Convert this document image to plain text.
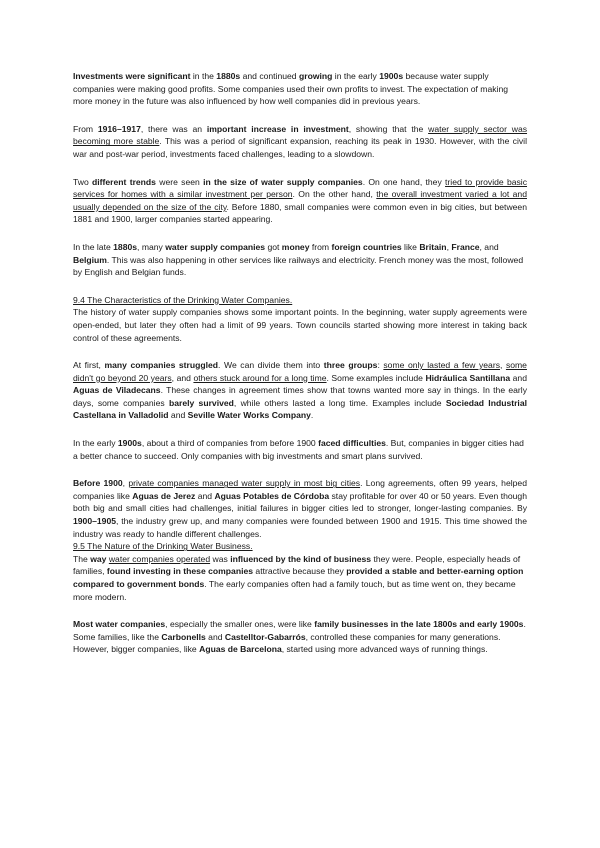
Investments were significant in the 1880s and continued growing in the early 1900s because water supply companies were making good profits. Some companies used their own profits to invest. The expectation of making more money in the future was also influenced by how well companies did in previous years.

From 1916–1917, there was an important increase in investment, showing that the water supply sector was becoming more stable. This was a period of significant expansion, reaching its peak in 1930. However, with the civil war and post-war period, investments faced challenges, leading to a slowdown.

Two different trends were seen in the size of water supply companies. On one hand, they tried to provide basic services for homes with a similar investment per person. On the other hand, the overall investment varied a lot and usually depended on the size of the city. Before 1880, small companies were common even in big cities, but between 1881 and 1900, larger companies started appearing.

In the late 1880s, many water supply companies got money from foreign countries like Britain, France, and Belgium. This was also happening in other services like railways and electricity. French money was the most, followed by English and Belgian funds.

9.4 The Characteristics of the Drinking Water Companies.

The history of water supply companies shows some important points. In the beginning, water supply agreements were open-ended, but later they often had a limit of 99 years. Town councils started showing more interest in taking back control of these agreements.

At first, many companies struggled. We can divide them into three groups: some only lasted a few years, some didn't go beyond 20 years, and others stuck around for a long time. Some examples include Hidráulica Santillana and Aguas de Viladecans. These changes in agreement times show that towns wanted more say in things. In the early days, some companies barely survived, while others lasted a long time. Examples include Sociedad Industrial Castellana in Valladolid and Seville Water Works Company.

In the early 1900s, about a third of companies from before 1900 faced difficulties. But, companies in bigger cities had a better chance to succeed. Only companies with big investments and smart plans survived.

Before 1900, private companies managed water supply in most big cities. Long agreements, often 99 years, helped companies like Aguas de Jerez and Aguas Potables de Córdoba stay profitable for over 40 or 50 years. Even though both big and small cities had challenges, initial failures in bigger cities led to stronger, longer-lasting companies. By 1900–1905, the industry grew up, and many companies were founded between 1900 and 1915. This time showed the industry was ready to handle different challenges.

9.5 The Nature of the Drinking Water Business.

The way water companies operated was influenced by the kind of business they were. People, especially heads of families, found investing in these companies attractive because they provided a stable and better-earning option compared to government bonds. The early companies often had a family touch, but as time went on, they became more modern.

Most water companies, especially the smaller ones, were like family businesses in the late 1800s and early 1900s. Some families, like the Carbonells and Castelltor-Gabarrós, controlled these companies for many generations. However, bigger companies, like Aguas de Barcelona, started using more advanced ways of running things.
